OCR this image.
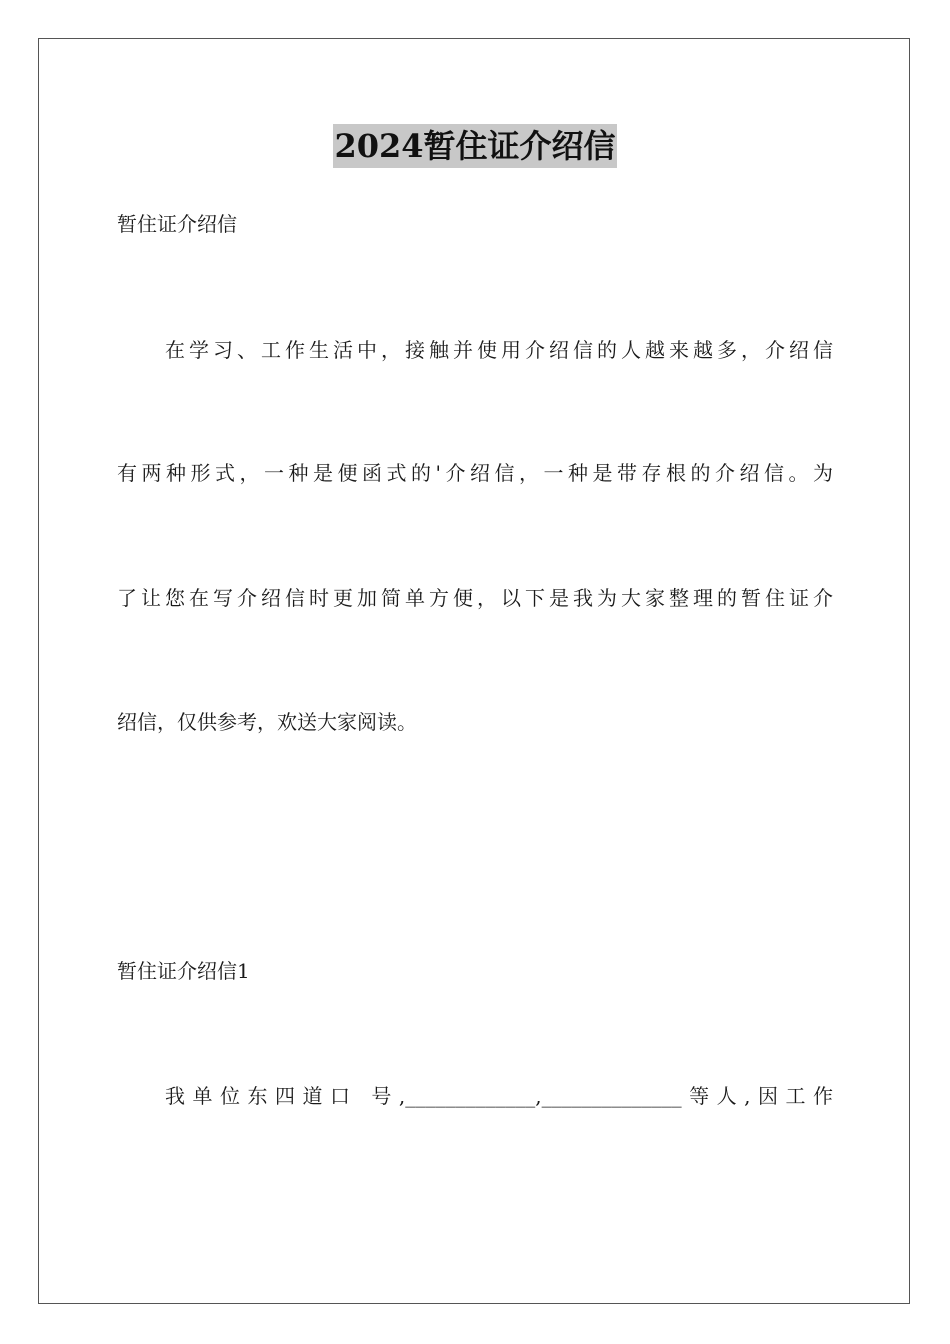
2024暂住证介绍信
暂住证介绍信
在学习、工作生活中，接触并使用介绍信的人越来越多，介绍信
有两种形式，一种是便函式的'介绍信，一种是带存根的介绍信。为
了让您在写介绍信时更加简单方便，以下是我为大家整理的暂住证介
绍信，仅供参考，欢送大家阅读。
暂住证介绍信1
我单位东四道口 号,_____________,______________等人,因工作
